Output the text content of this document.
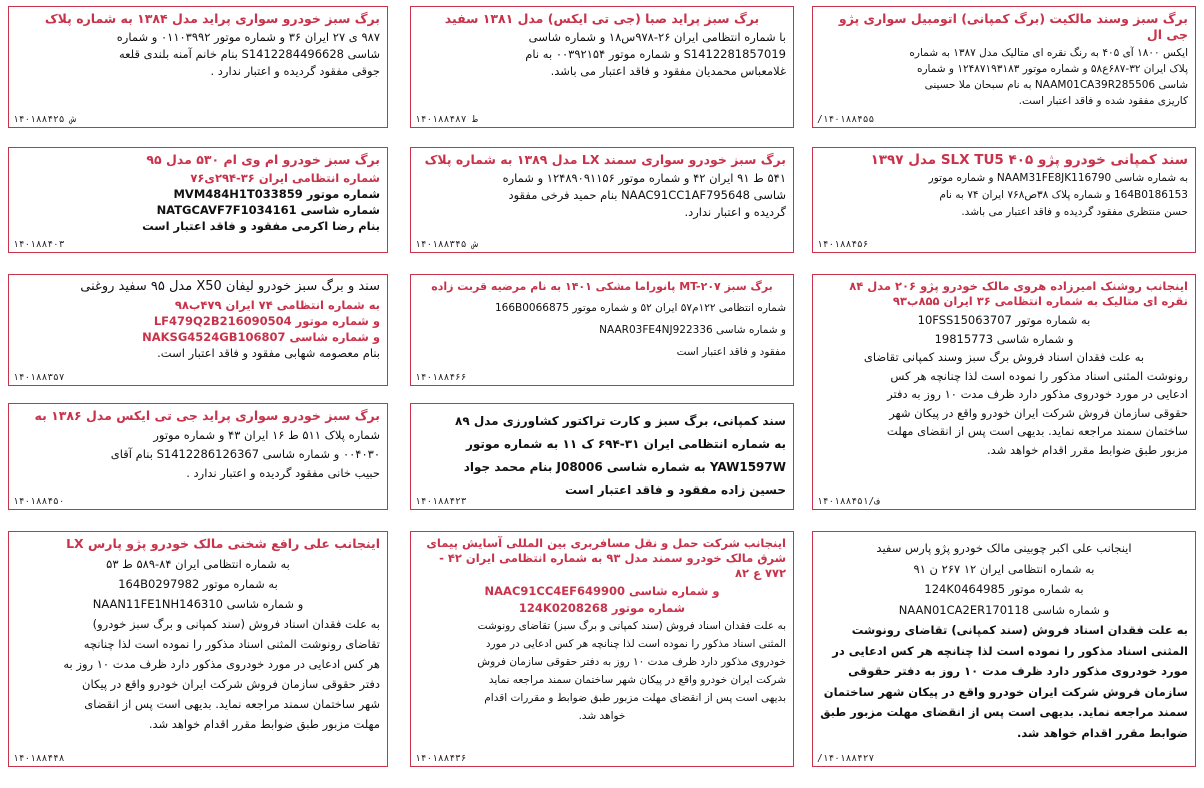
برگ سبز خودرو سواری پراید مدل ۱۳۸۴ به شماره پلاک
۹۸۷ ی ۲۷ ایران ۳۶ و شماره موتور ۰۱۱۰۳۹۹۲ و شماره
شاسی S1412284496628 بنام خانم آمنه بلندی قلعه
جوقی مفقود گردیده و اعتبار ندارد .
ش ۱۴۰۱۸۸۴۲۵
برگ سبز پراید صبا (جی تی ایکس) مدل ۱۳۸۱ سفید
با شماره انتظامی ایران ۲۶-۹۷۸س۱۸ و شماره شاسی
S1412281857019 و شماره موتور ۰۰۳۹۲۱۵۴ به نام
غلامعباس محمدیان مفقود و فاقد اعتبار می باشد.
ط ۱۴۰۱۸۸۴۸۷
برگ سبز وسند مالکیت (برگ کمپانی) اتومبیل سواری پژو جی ال
ایکس ۱۸۰۰ آی ۴۰۵ به رنگ نقره ای متالیک مدل ۱۳۸۷ به شماره
پلاک ایران ۳۲-۶۸۷ع۵۸ و شماره موتور ۱۲۴۸۷۱۹۳۱۸۳ و شماره
شاسی NAAM01CA39R285506 به نام سبحان ملا حسینی
کاریزی مفقود شده و فاقد اعتبار است.
/۱۴۰۱۸۸۴۵۵
برگ سبز خودرو ام وی ام ۵۳۰ مدل ۹۵
شماره انتظامی ایران ۳۶-۲۹۴ی۷۶
شماره موتور MVM484H1T033859
شماره شاسی NATGCAVF7F1034161
بنام رضا اکرمی مفقود و فاقد اعتبار است
۱۴۰۱۸۸۴۰۳
برگ سبز خودرو سواری سمند LX مدل ۱۳۸۹ به شماره پلاک
۵۴۱ ط ۹۱ ایران ۴۲ و شماره موتور ۱۲۴۸۹۰۹۱۱۵۶ و شماره
شاسی NAAC91CC1AF795648 بنام حمید فرخی مفقود
گردیده و اعتبار ندارد.
ش ۱۴۰۱۸۸۳۴۵
سند کمپانی خودرو پژو ۴۰۵ SLX TU5 مدل ۱۳۹۷
به شماره شاسی NAAM31FE8JK116790 و شماره موتور
164B0186153 و شماره پلاک ۳۸ص۷۶۸ ایران ۷۴ به نام
حسن منتظری مفقود گردیده و فاقد اعتبار می باشد.
۱۴۰۱۸۸۴۵۶
سند و برگ سبز خودرو لیفان X50 مدل ۹۵ سفید روغنی
به شماره انتظامی ۷۴ ایران ۴۷۹ب۹۸
و شماره موتور LF479Q2B216090504
و شماره شاسی NAKSG4524GB106807
بنام معصومه شهابی مفقود و فاقد اعتبار است.
۱۴۰۱۸۸۳۵۷
برگ سبز MT-۲۰۷ پانوراما مشکی ۱۴۰۱ به نام مرضیه قربت زاده
شماره انتظامی ۱۲۲م۵۷ ایران ۵۲ و شماره موتور 166B0066875
و شماره شاسی NAAR03FE4NJ922336
مفقود و فاقد اعتبار است
۱۴۰۱۸۸۴۶۶
اینجانب روشنک امیرزاده هروی مالک خودرو پژو ۲۰۶ مدل ۸۴ نقره ای متالیک به شماره انتظامی ۳۶ ایران ۸۵۵ب۹۳
به شماره موتور 10FSS15063707
و شماره شاسی 19815773
به علت فقدان اسناد فروش برگ سبز وسند کمپانی تقاضای
رونوشت المثنی اسناد مذکور را نموده است لذا چنانچه هر کس
ادعایی در مورد خودروی مذکور دارد ظرف مدت ۱۰ روز به دفتر
حقوقی سازمان فروش شرکت ایران خودرو واقع در پیکان شهر
ساختمان سمند مراجعه نماید. بدیهی است پس از انقضای مهلت
مزبور طبق ضوابط مقرر اقدام خواهد شد.
ف/۱۴۰۱۸۸۴۵۱
برگ سبز خودرو سواری پراید جی تی ایکس مدل ۱۳۸۶ به
شماره پلاک ۵۱۱ ط ۱۶ ایران ۴۳ و شماره موتور
۰۰۴۰۳۰ و شماره شاسی S1412286126367 بنام آقای
حبیب خانی مفقود گردیده و اعتبار ندارد .
۱۴۰۱۸۸۴۵۰
سند کمپانی، برگ سبز و کارت تراکتور کشاورزی مدل ۸۹
به شماره انتظامی ایران ۳۱-۶۹۴ ک ۱۱ به شماره موتور
YAW1597W به شماره شاسی J08006 بنام محمد جواد
حسین زاده مفقود و فاقد اعتبار است
۱۴۰۱۸۸۴۲۳
اینجانب علی رافع شخنی مالک خودرو پژو پارس LX
به شماره انتظامی ایران ۸۴-۵۸۹ ط ۵۳
به شماره موتور 164B0297982
و شماره شاسی NAAN11FE1NH146310
به علت فقدان اسناد فروش (سند کمپانی و برگ سبز خودرو)
تقاضای رونوشت المثنی اسناد مذکور را نموده است لذا چنانچه
هر کس ادعایی در مورد خودروی مذکور دارد ظرف مدت ۱۰ روز به
دفتر حقوقی سازمان فروش شرکت ایران خودرو واقع در پیکان
شهر ساختمان سمند مراجعه نماید. بدیهی است پس از انقضای
مهلت مزبور طبق ضوابط مقرر اقدام خواهد شد.
۱۴۰۱۸۸۴۴۸
اینجانب شرکت حمل و نقل مسافربری بین المللی آسایش پیمای شرق مالک خودرو سمند مدل ۹۳ به شماره انتظامی ایران ۴۲ - ۷۷۲ ع ۸۲
و شماره شاسی NAAC91CC4EF649900
شماره موتور 124K0208268
به علت فقدان اسناد فروش (سند کمپانی و برگ سبز) تقاضای رونوشت
المثنی اسناد مذکور را نموده است لذا چنانچه هر کس ادعایی در مورد
خودروی مذکور دارد ظرف مدت ۱۰ روز به دفتر حقوقی سازمان فروش
شرکت ایران خودرو واقع در پیکان شهر ساختمان سمند مراجعه نماید
بدیهی است پس از انقضای مهلت مزبور طبق ضوابط و مقررات اقدام
خواهد شد.
۱۴۰۱۸۸۴۳۶
اینجانب علی اکبر چوبینی مالک خودرو پژو پارس سفید
به شماره انتظامی ایران ۱۲ ۲۶۷ ن ۹۱
به شماره موتور 124K0464985
و شماره شاسی NAAN01CA2ER170118
به علت فقدان اسناد فروش (سند کمپانی) تقاضای رونوشت
المثنی اسناد مذکور را نموده است لذا چنانچه هر کس ادعایی در
مورد خودروی مذکور دارد ظرف مدت ۱۰ روز به دفتر حقوقی
سازمان فروش شرکت ایران خودرو واقع در پیکان شهر ساختمان
سمند مراجعه نماید. بدیهی است پس از انقضای مهلت مزبور طبق
ضوابط مقرر اقدام خواهد شد.
/۱۴۰۱۸۸۴۲۷
